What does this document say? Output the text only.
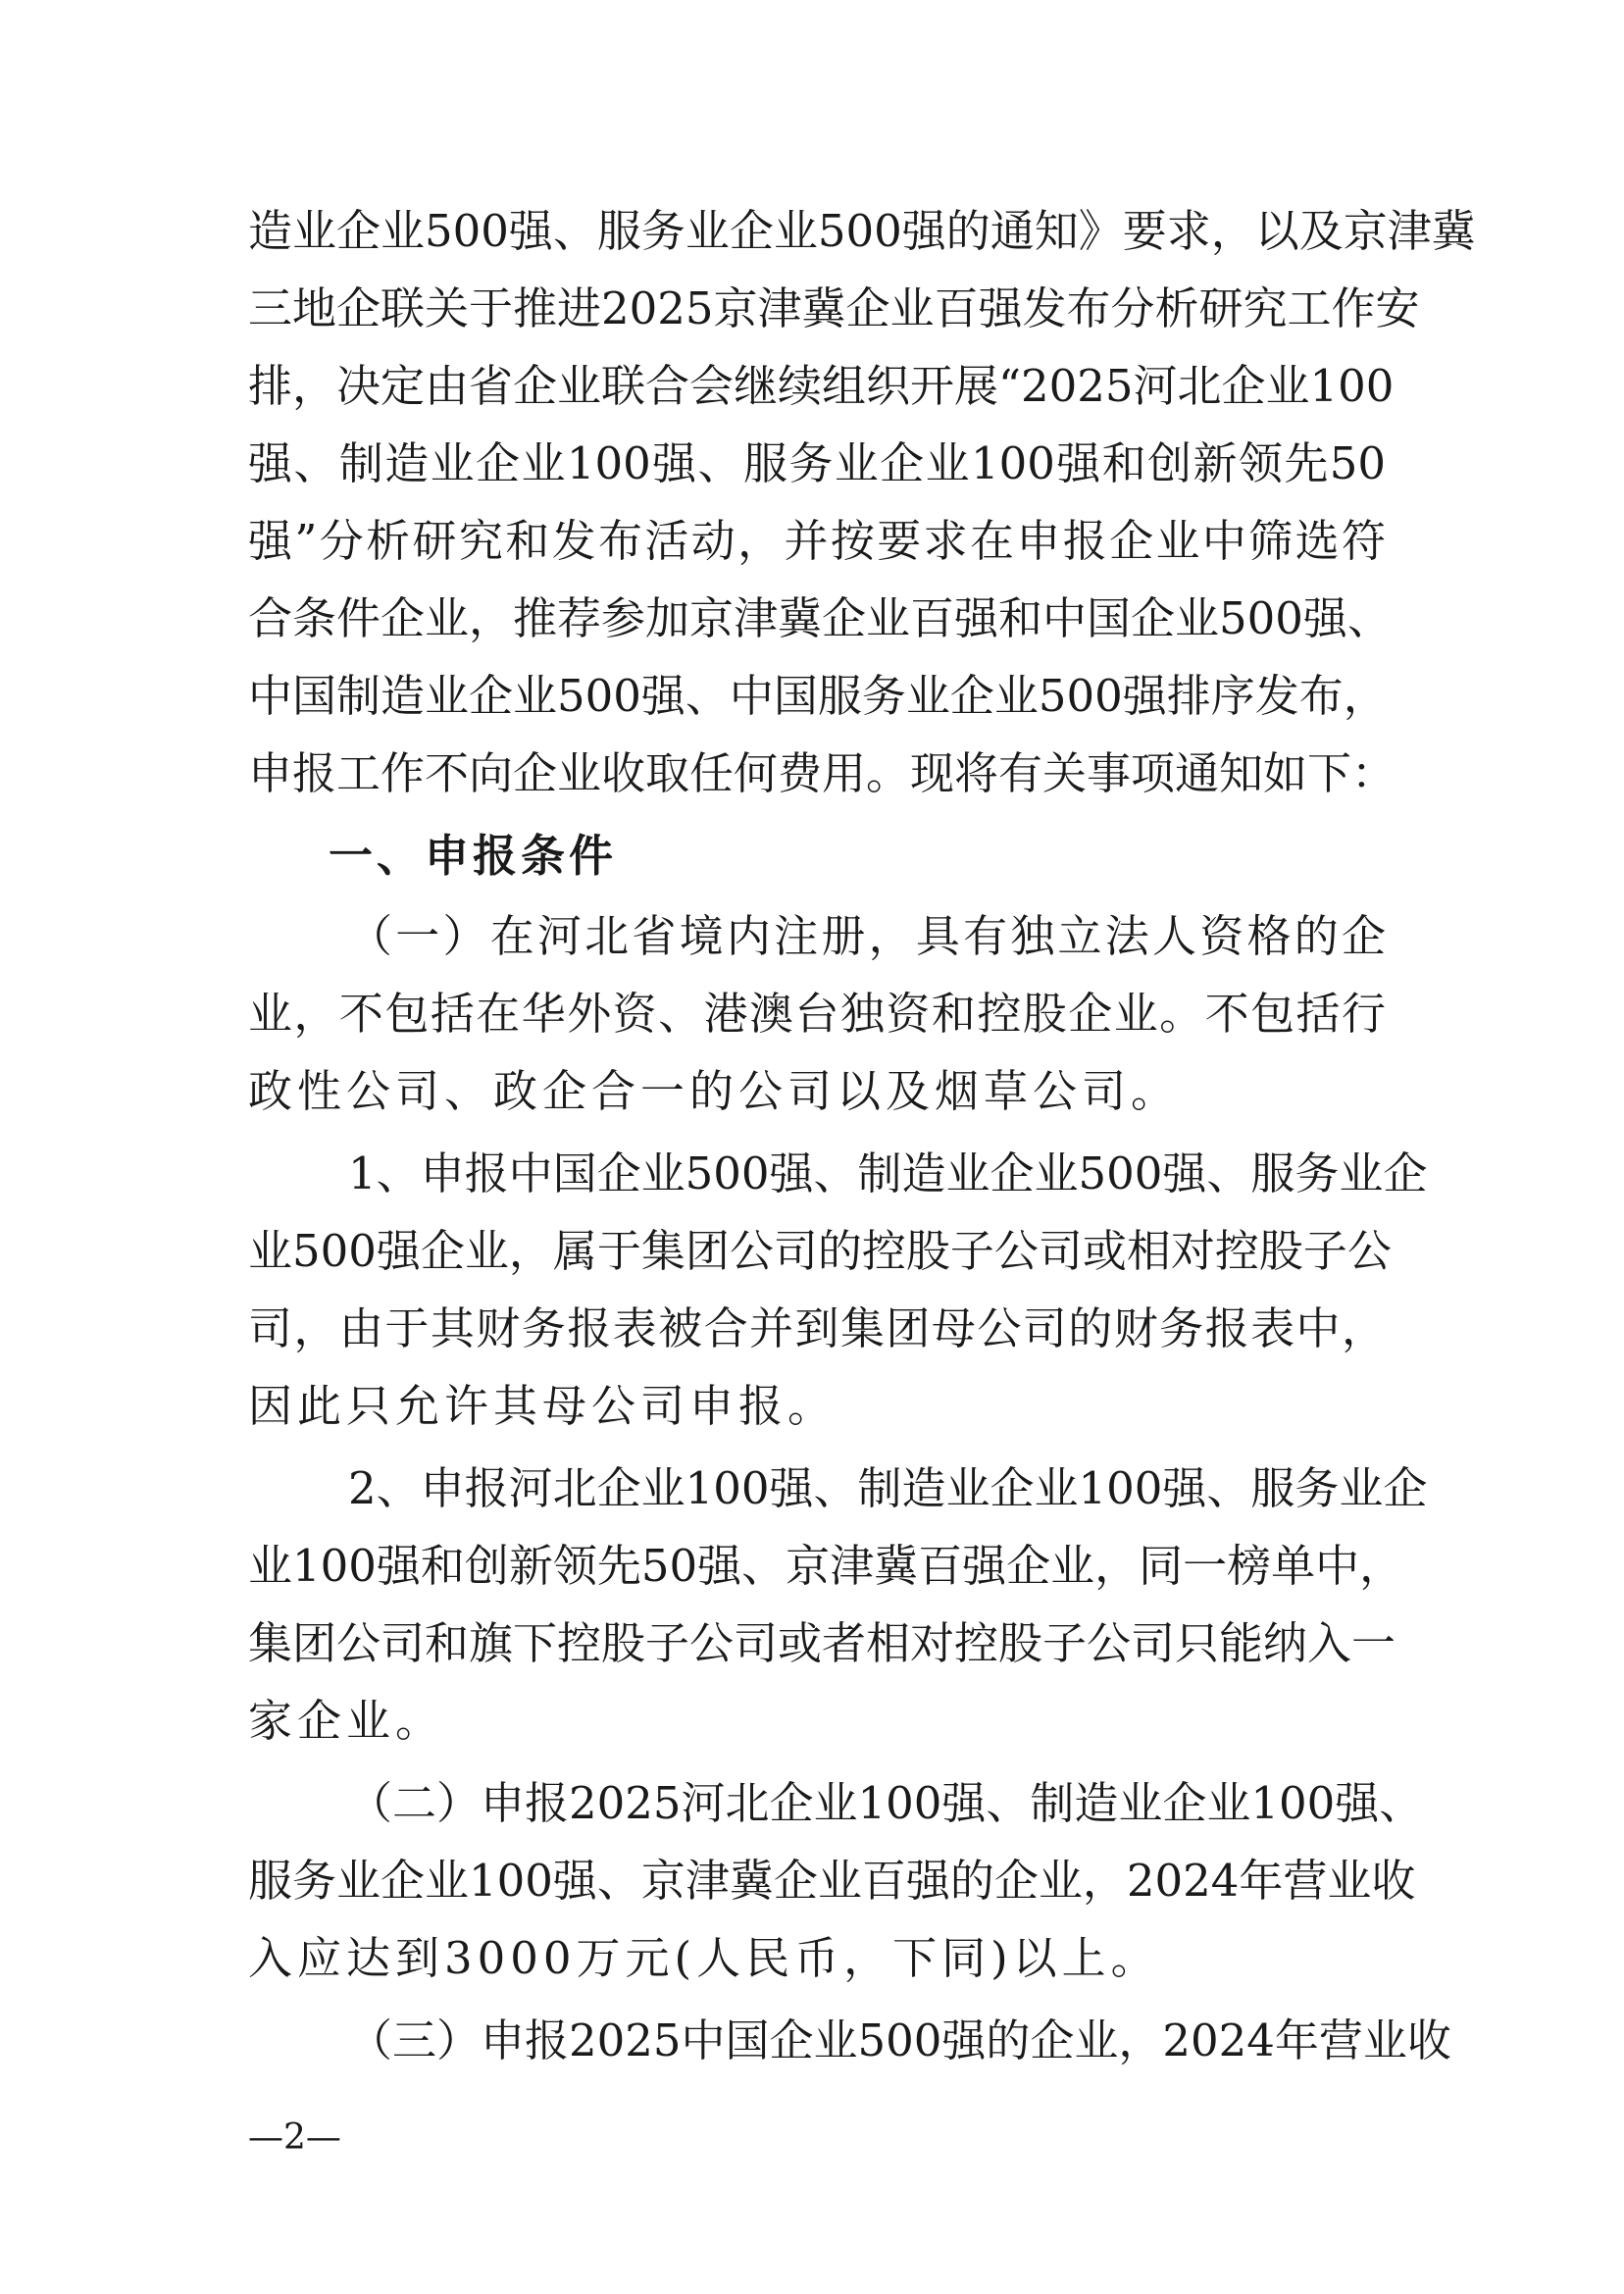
造业企业500强、服务业企业500强的通知》要求，以及京津冀
三地企联关于推进2025京津冀企业百强发布分析研究工作安
排，决定由省企业联合会继续组织开展“2025河北企业100
强、制造业企业100强、服务业企业100强和创新领先50
强”分析研究和发布活动，并按要求在申报企业中筛选符
合条件企业，推荐参加京津冀企业百强和中国企业500强、
中国制造业企业500强、中国服务业企业500强排序发布，
申报工作不向企业收取任何费用。现将有关事项通知如下：
一、申报条件
（一）在河北省境内注册，具有独立法人资格的企
业，不包括在华外资、港澳台独资和控股企业。不包括行
政性公司、政企合一的公司以及烟草公司。
1、申报中国企业500强、制造业企业500强、服务业企
业500强企业，属于集团公司的控股子公司或相对控股子公
司，由于其财务报表被合并到集团母公司的财务报表中，
因此只允许其母公司申报。
2、申报河北企业100强、制造业企业100强、服务业企
业100强和创新领先50强、京津冀百强企业，同一榜单中，
集团公司和旗下控股子公司或者相对控股子公司只能纳入一
家企业。
（二）申报2025河北企业100强、制造业企业100强、
服务业企业100强、京津冀企业百强的企业，2024年营业收
入应达到3000万元(人民币，下同)以上。
（三）申报2025中国企业500强的企业，2024年营业收
—2—
